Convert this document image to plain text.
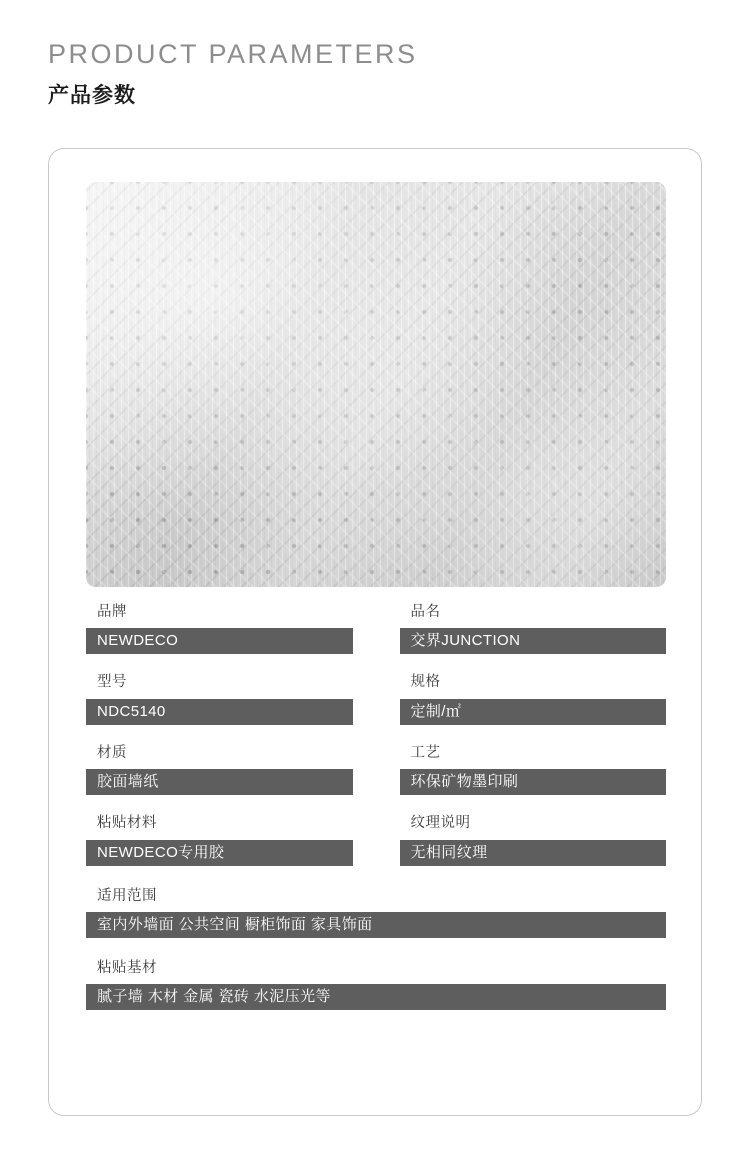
PRODUCT PARAMETERS
产品参数
品牌
NEWDECO
品名
交界JUNCTION
型号
NDC5140
规格
定制/㎡
材质
胶面墙纸
工艺
环保矿物墨印刷
粘贴材料
NEWDECO专用胶
纹理说明
无相同纹理
适用范围
室内外墙面 公共空间 橱柜饰面 家具饰面
粘贴基材
腻子墙 木材 金属 瓷砖 水泥压光等
